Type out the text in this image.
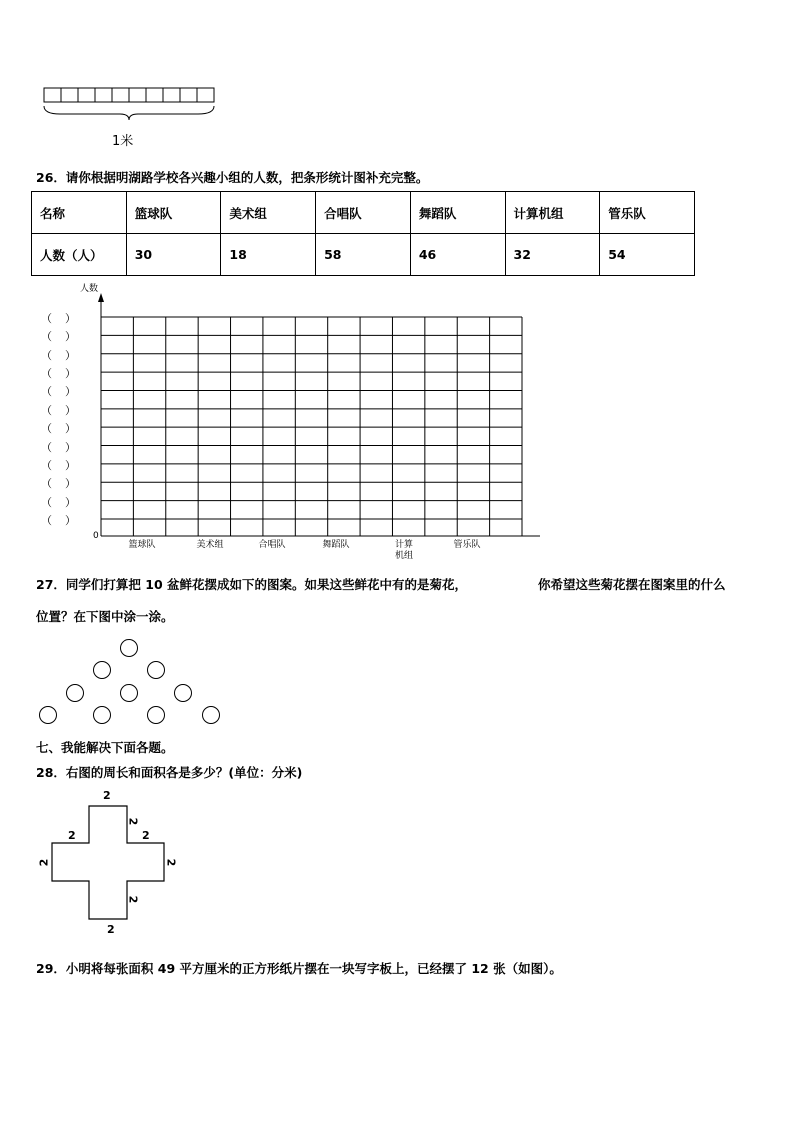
1米
26．请你根据明湖路学校各兴趣小组的人数，把条形统计图补充完整。
名称	篮球队	美术组	合唱队	舞蹈队	计算机组	管乐队
人数（人）	30	18	58	46	32	54
人数
（　）
（　）
（　）
（　）
（　）
（　）
（　）
（　）
（　）
（　）
（　）
（　）
0
篮球队	美术组	合唱队	舞蹈队	计算
机组
管乐队
27．同学们打算把 10 盆鲜花摆成如下的图案。如果这些鲜花中有的是菊花，	你希望这些菊花摆在图案里的什么
位置？在下图中涂一涂。
七、我能解决下面各题。
28．右图的周长和面积各是多少？(单位：分米)
2
2
2	2
2	2
2
2
29．小明将每张面积 49 平方厘米的正方形纸片摆在一块写字板上，已经摆了 12 张（如图）。
